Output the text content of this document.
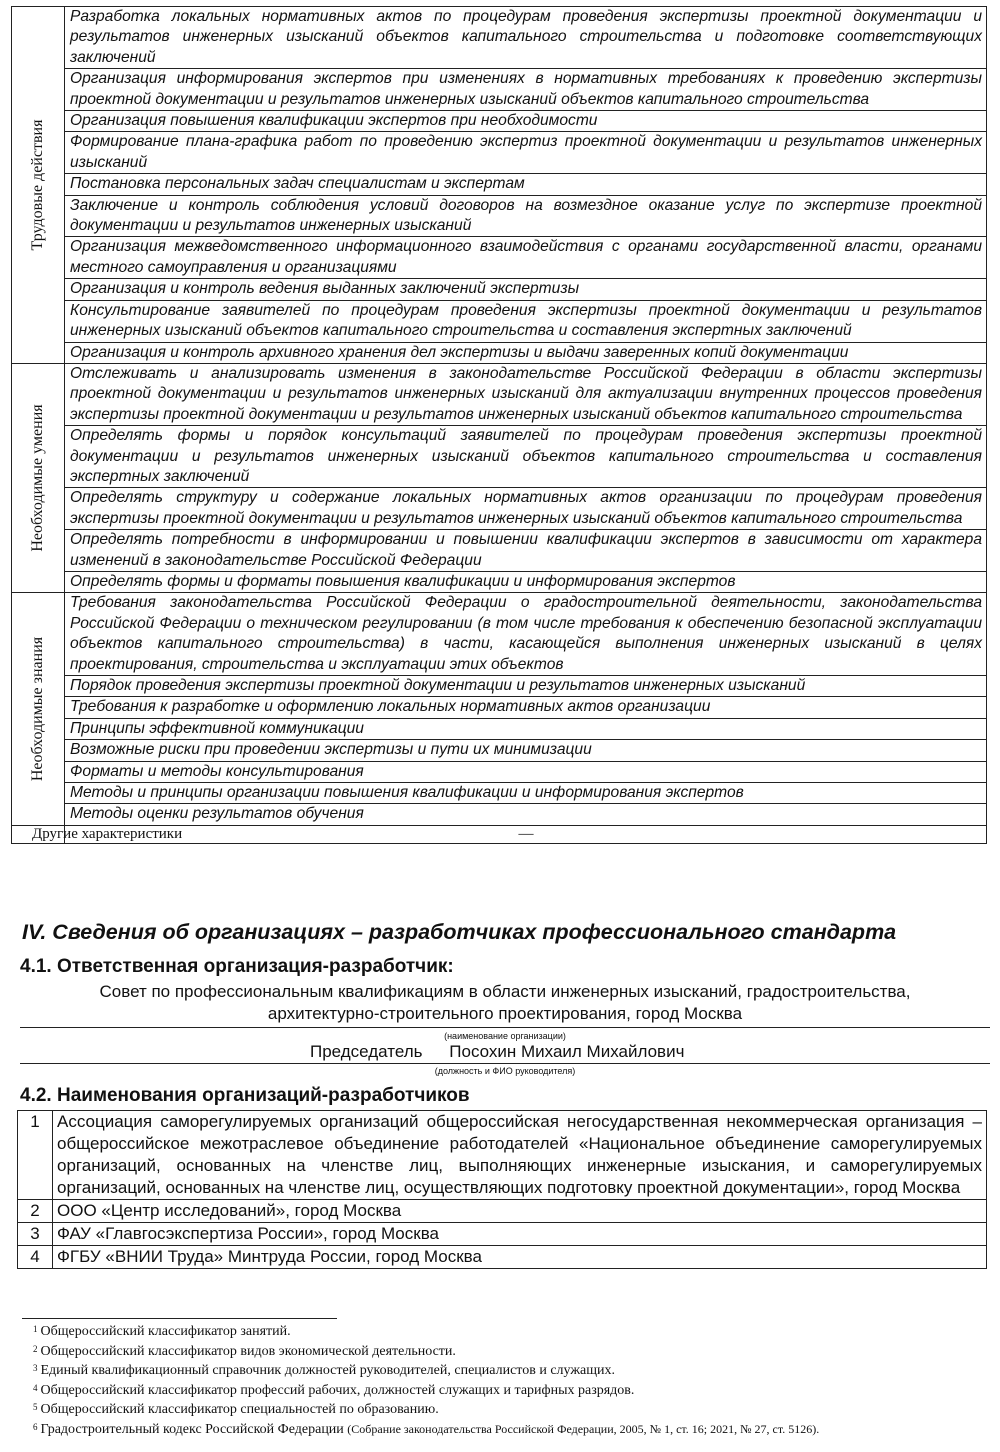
Трудовые действия	Разработка локальных нормативных актов по процедурам проведения экспертизы проектной документации и результатов инженерных изысканий объектов капитального строительства и подготовке соответствующих заключений
	Организация информирования экспертов при изменениях в нормативных требованиях к проведению экспертизы проектной документации и результатов инженерных изысканий объектов капитального строительства
	Организация повышения квалификации экспертов при необходимости
	Формирование плана-графика работ по проведению экспертиз проектной документации и результатов инженерных изысканий
	Постановка персональных задач специалистам и экспертам
	Заключение и контроль соблюдения условий договоров на возмездное оказание услуг по экспертизе проектной документации и результатов инженерных изысканий
	Организация межведомственного информационного взаимодействия с органами государственной власти, органами местного самоуправления и организациями
	Организация и контроль ведения выданных заключений экспертизы
	Консультирование заявителей по процедурам проведения экспертизы проектной документации и результатов инженерных изысканий объектов капитального строительства и составления экспертных заключений
	Организация и контроль архивного хранения дел экспертизы и выдачи заверенных копий документации

Необходимые умения	Отслеживать и анализировать изменения в законодательстве Российской Федерации в области экспертизы проектной документации и результатов инженерных изысканий для актуализации внутренних процессов проведения экспертизы проектной документации и результатов инженерных изысканий объектов капитального строительства
	Определять формы и порядок консультаций заявителей по процедурам проведения экспертизы проектной документации и результатов инженерных изысканий объектов капитального строительства и составления экспертных заключений
	Определять структуру и содержание локальных нормативных актов организации по процедурам проведения экспертизы проектной документации и результатов инженерных изысканий объектов капитального строительства
	Определять потребности в информировании и повышении квалификации экспертов в зависимости от характера изменений в законодательстве Российской Федерации
	Определять формы и форматы повышения квалификации и информирования экспертов

Необходимые знания	Требования законодательства Российской Федерации о градостроительной деятельности, законодательства Российской Федерации о техническом регулировании (в том числе требования к обеспечению безопасной эксплуатации объектов капитального строительства) в части, касающейся выполнения инженерных изысканий в целях проектирования, строительства и эксплуатации этих объектов
	Порядок проведения экспертизы проектной документации и результатов инженерных изысканий
	Требования к разработке и оформлению локальных нормативных актов организации
	Принципы эффективной коммуникации
	Возможные риски при проведении экспертизы и пути их минимизации
	Форматы и методы консультирования
	Методы и принципы организации повышения квалификации и информирования экспертов
	Методы оценки результатов обучения
Другие характеристики	—
IV. Сведения об организациях – разработчиках профессионального стандарта
4.1. Ответственная организация-разработчик:
Совет по профессиональным квалификациям в области инженерных изысканий, градостроительства,
архитектурно-строительного проектирования, город Москва
(наименование организации)
Председатель Посохин Михаил Михайлович
(должность и ФИО руководителя)
4.2. Наименования организаций-разработчиков
1	Ассоциация саморегулируемых организаций общероссийская негосударственная некоммерческая организация – общероссийское межотраслевое объединение работодателей «Национальное объединение саморегулируемых организаций, основанных на членстве лиц, выполняющих инженерные изыскания, и саморегулируемых организаций, основанных на членстве лиц, осуществляющих подготовку проектной документации», город Москва
2	ООО «Центр исследований», город Москва
3	ФАУ «Главгосэкспертиза России», город Москва
4	ФГБУ «ВНИИ Труда» Минтруда России, город Москва
$^1$ Общероссийский классификатор занятий.
$^2$ Общероссийский классификатор видов экономической деятельности.
$^3$ Единый квалификационный справочник должностей руководителей, специалистов и служащих.
$^4$ Общероссийский классификатор профессий рабочих, должностей служащих и тарифных разрядов.
$^5$ Общероссийский классификатор специальностей по образованию.
$^6$ Градостроительный кодекс Российской Федерации (Собрание законодательства Российской Федерации, 2005, № 1, ст. 16; 2021, № 27, ст. 5126).
